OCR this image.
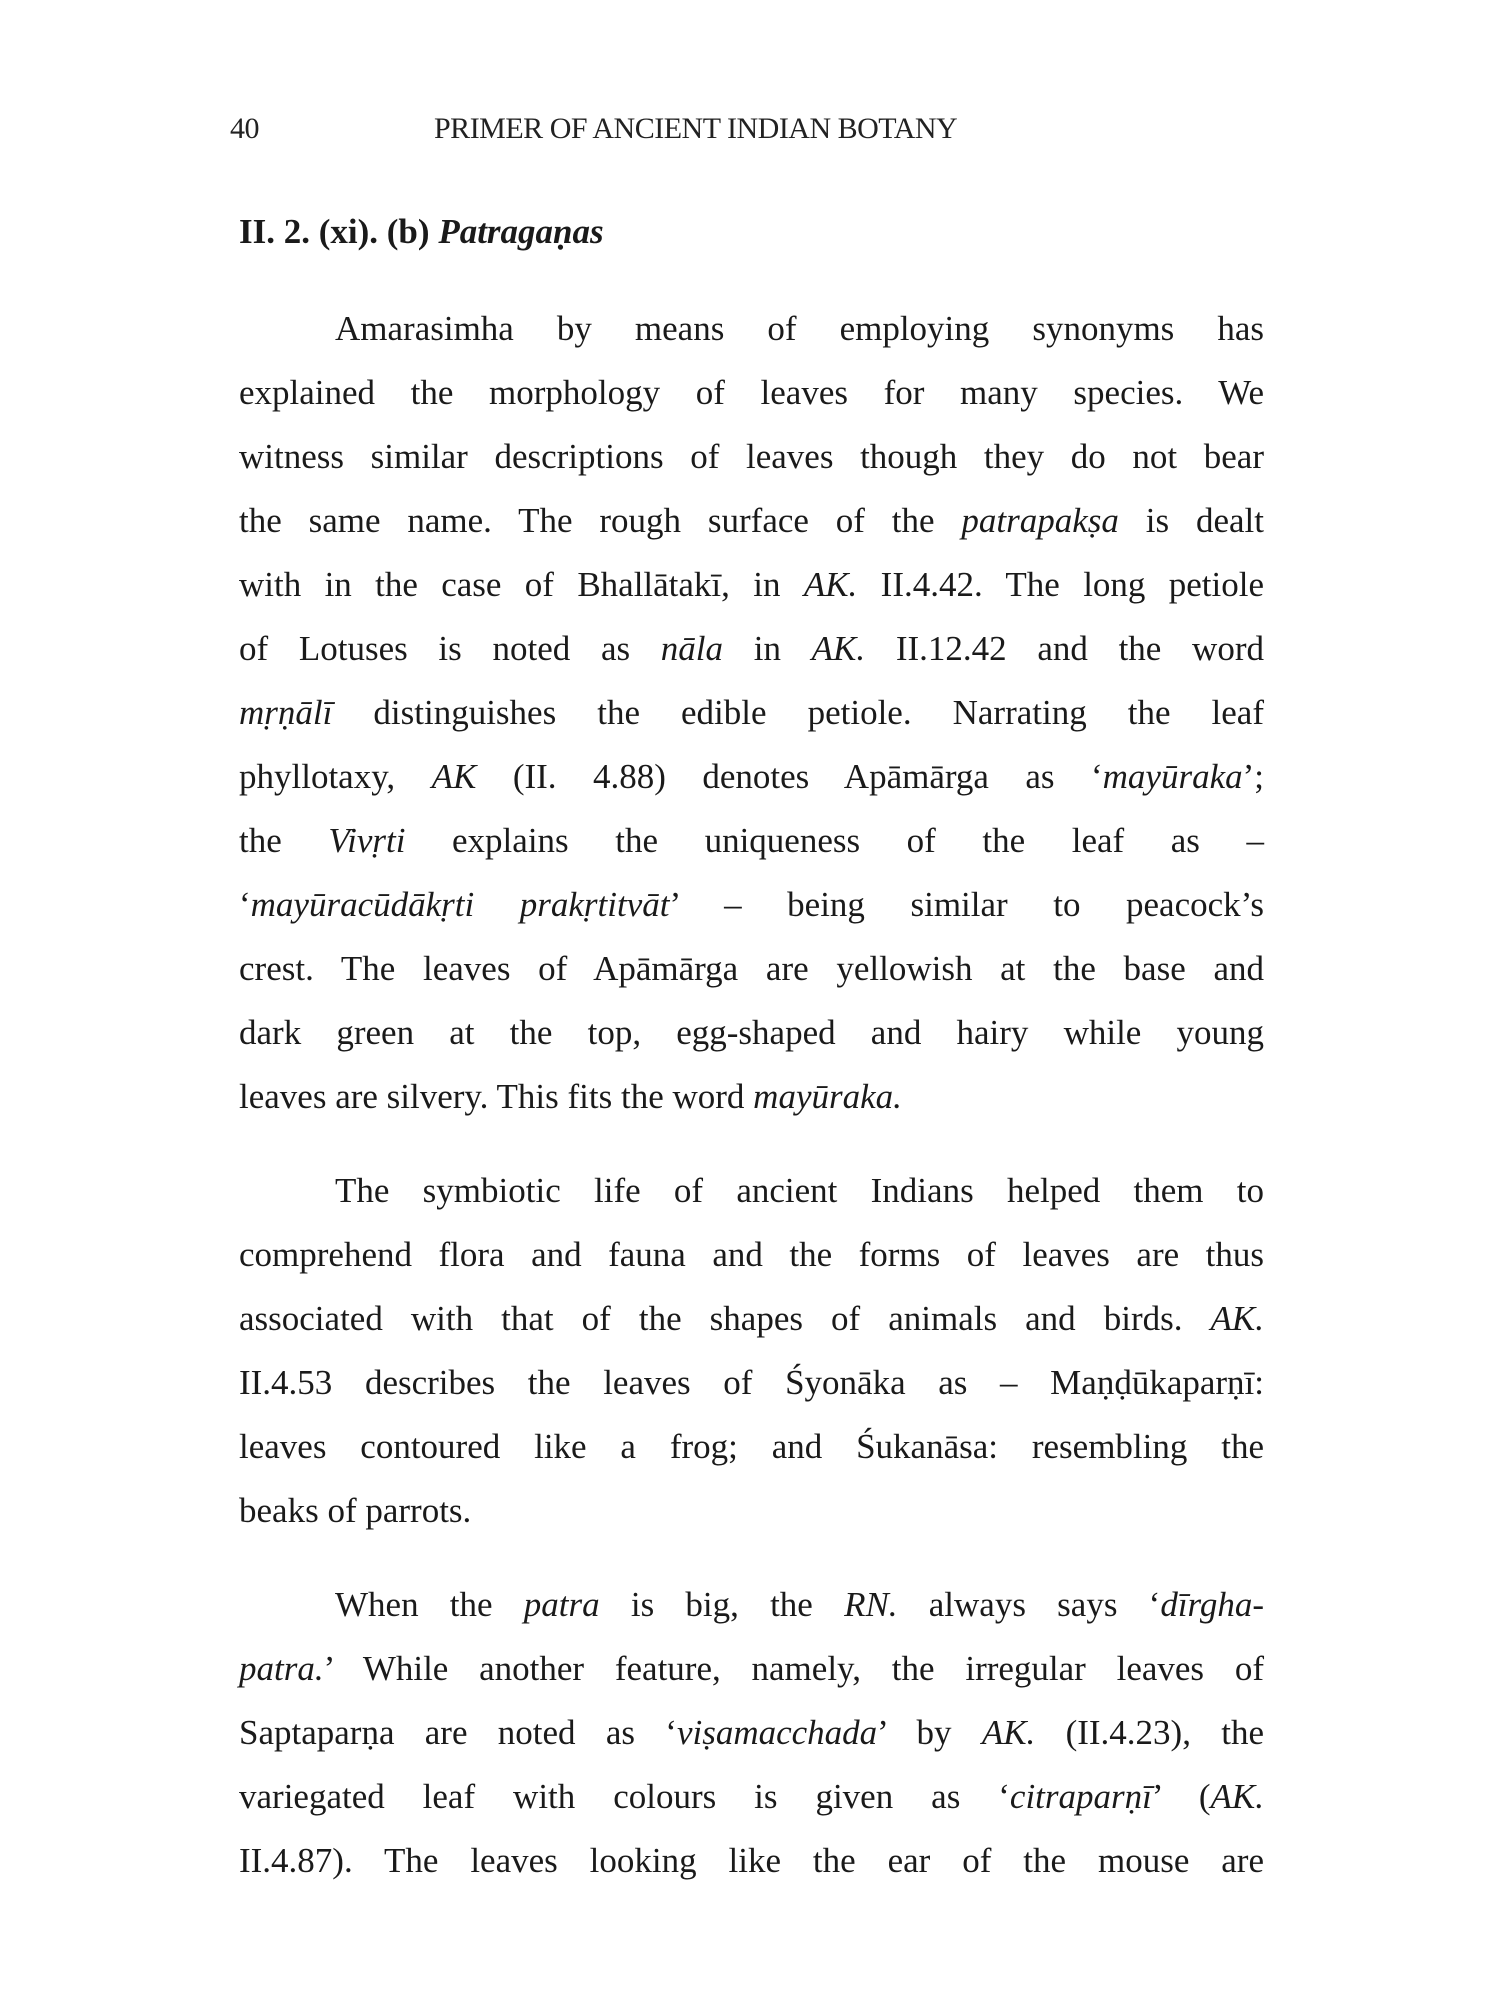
40	PRIMER OF ANCIENT INDIAN BOTANY
II. 2. (xi). (b) Patragaṇas
Amarasimha by means of employing synonyms has
explained the morphology of leaves for many species. We
witness similar descriptions of leaves though they do not bear
the same name. The rough surface of the patrapakṣa is dealt
with in the case of Bhallātakī, in AK. II.4.42. The long petiole
of Lotuses is noted as nāla in AK. II.12.42 and the word
mṛṇālī distinguishes the edible petiole. Narrating the leaf
phyllotaxy, AK (II. 4.88) denotes Apāmārga as ‘mayūraka’;
the Vivṛti explains the uniqueness of the leaf as –
‘mayūracūdākṛti prakṛtitvāt’ – being similar to peacock’s
crest. The leaves of Apāmārga are yellowish at the base and
dark green at the top, egg-shaped and hairy while young
leaves are silvery. This fits the word mayūraka.
The symbiotic life of ancient Indians helped them to
comprehend flora and fauna and the forms of leaves are thus
associated with that of the shapes of animals and birds. AK.
II.4.53 describes the leaves of Śyonāka as – Maṇḍūkaparṇī:
leaves contoured like a frog; and Śukanāsa: resembling the
beaks of parrots.
When the patra is big, the RN. always says ‘dīrgha-
patra.’ While another feature, namely, the irregular leaves of
Saptaparṇa are noted as ‘viṣamacchada’ by AK. (II.4.23), the
variegated leaf with colours is given as ‘citraparṇī’ (AK.
II.4.87). The leaves looking like the ear of the mouse are
